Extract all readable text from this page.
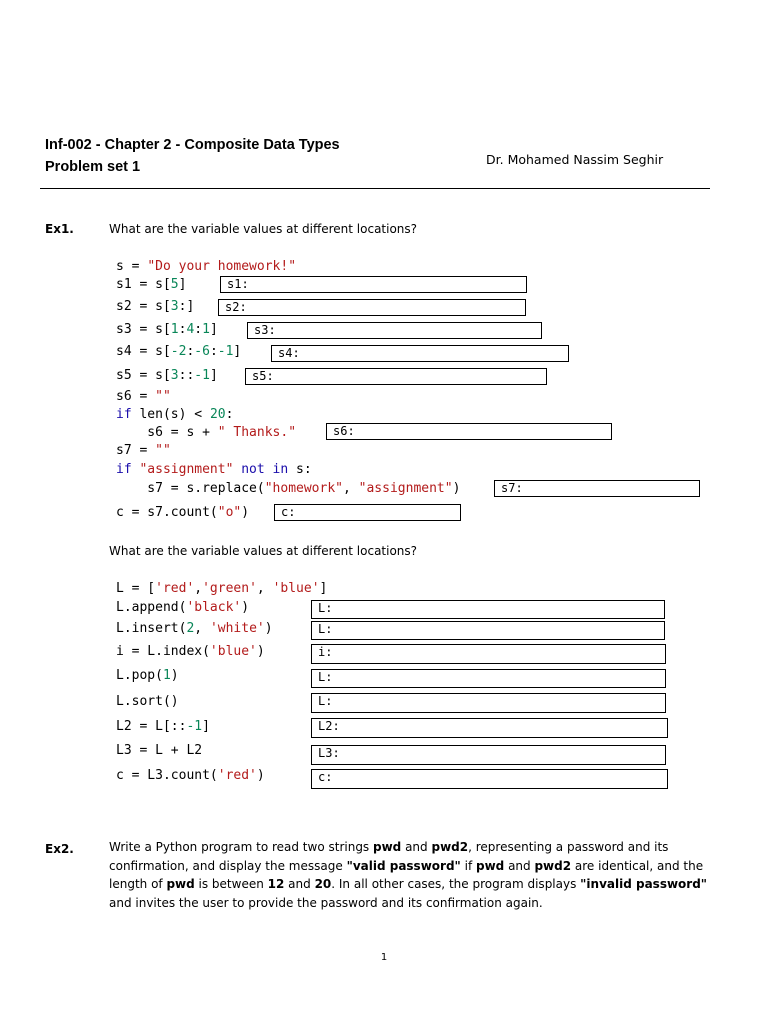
Inf-002 - Chapter 2 - Composite Data Types
Problem set 1	Dr. Mohamed Nassim Seghir
Ex1.	What are the variable values at different locations?
s = "Do your homework!"
s1 = s[5]
s2 = s[3:]
s3 = s[1:4:1]
s4 = s[-2:-6:-1]
s5 = s[3::-1]
s6 = ""
if len(s) < 20:
s6 = s + " Thanks."
s7 = ""
if "assignment" not in s:
s7 = s.replace("homework", "assignment")
c = s7.count("o")
s1:
s2:
s3:
s4:
s5:
s6:
s7:
c:
What are the variable values at different locations?
L = ['red','green', 'blue']
L.append('black')
L.insert(2, 'white')
i = L.index('blue')
L.pop(1)
L.sort()
L2 = L[::-1]
L3 = L + L2
c = L3.count('red')
L:
L:
i:
L:
L:
L2:
L3:
c:
Ex2.	Write a Python program to read two strings pwd and pwd2, representing a password and its confirmation, and display the message "valid password" if pwd and pwd2 are identical, and the length of pwd is between 12 and 20. In all other cases, the program displays "invalid password" and invites the user to provide the password and its confirmation again.
1
